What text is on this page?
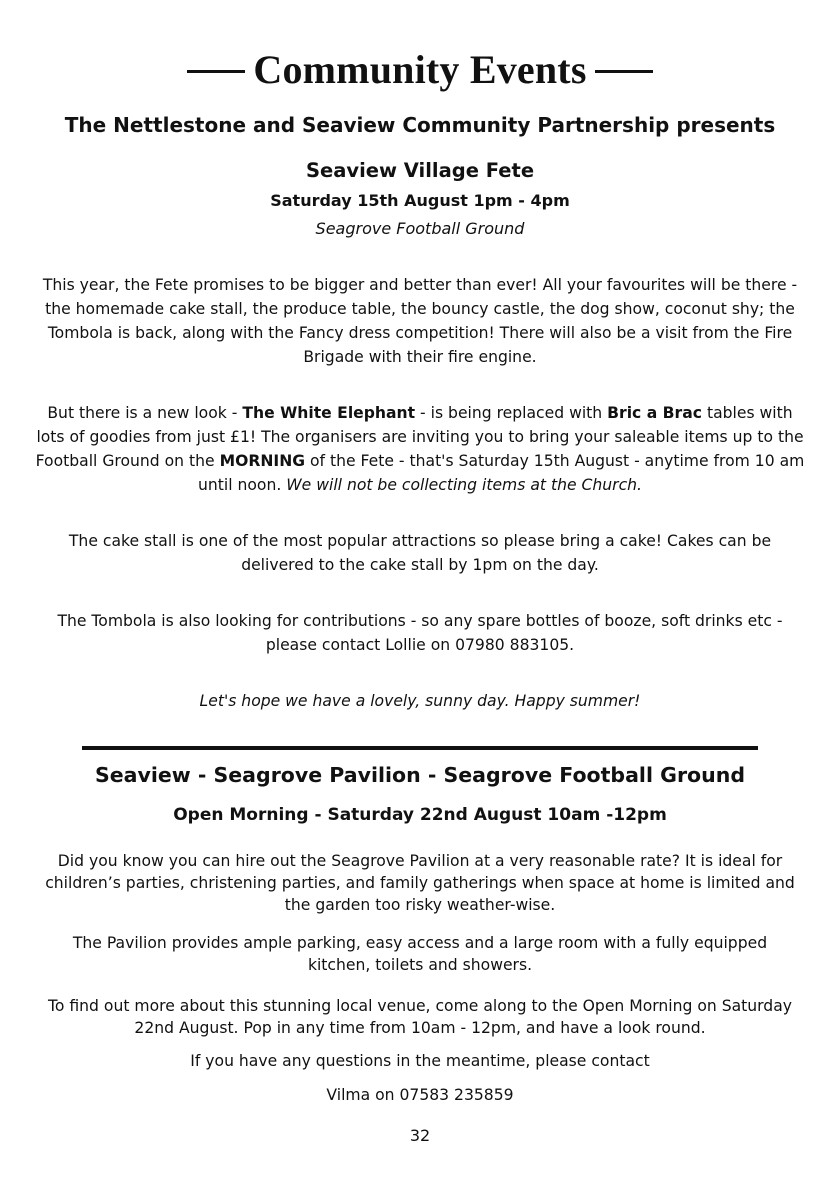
Community Events
The Nettlestone and Seaview Community Partnership presents
Seaview Village Fete
Saturday 15th August 1pm - 4pm
Seagrove Football Ground
This year, the Fete promises to be bigger and better than ever! All your favourites will be there - the homemade cake stall, the produce table, the bouncy castle, the dog show, coconut shy; the Tombola is back, along with the Fancy dress competition! There will also be a visit from the Fire Brigade with their fire engine.
But there is a new look - The White Elephant - is being replaced with Bric a Brac tables with lots of goodies from just £1! The organisers are inviting you to bring your saleable items up to the Football Ground on the MORNING of the Fete - that's Saturday 15th August - anytime from 10 am until noon. We will not be collecting items at the Church.
The cake stall is one of the most popular attractions so please bring a cake! Cakes can be delivered to the cake stall by 1pm on the day.
The Tombola is also looking for contributions - so any spare bottles of booze, soft drinks etc - please contact Lollie on 07980 883105.
Let's hope we have a lovely, sunny day. Happy summer!
Seaview - Seagrove Pavilion - Seagrove Football Ground
Open Morning - Saturday 22nd August 10am -12pm
Did you know you can hire out the Seagrove Pavilion at a very reasonable rate? It is ideal for children’s parties, christening parties, and family gatherings when space at home is limited and the garden too risky weather-wise.
The Pavilion provides ample parking, easy access and a large room with a fully equipped kitchen, toilets and showers.
To find out more about this stunning local venue, come along to the Open Morning on Saturday 22nd August. Pop in any time from 10am - 12pm, and have a look round.
If you have any questions in the meantime, please contact
Vilma on 07583 235859
32
